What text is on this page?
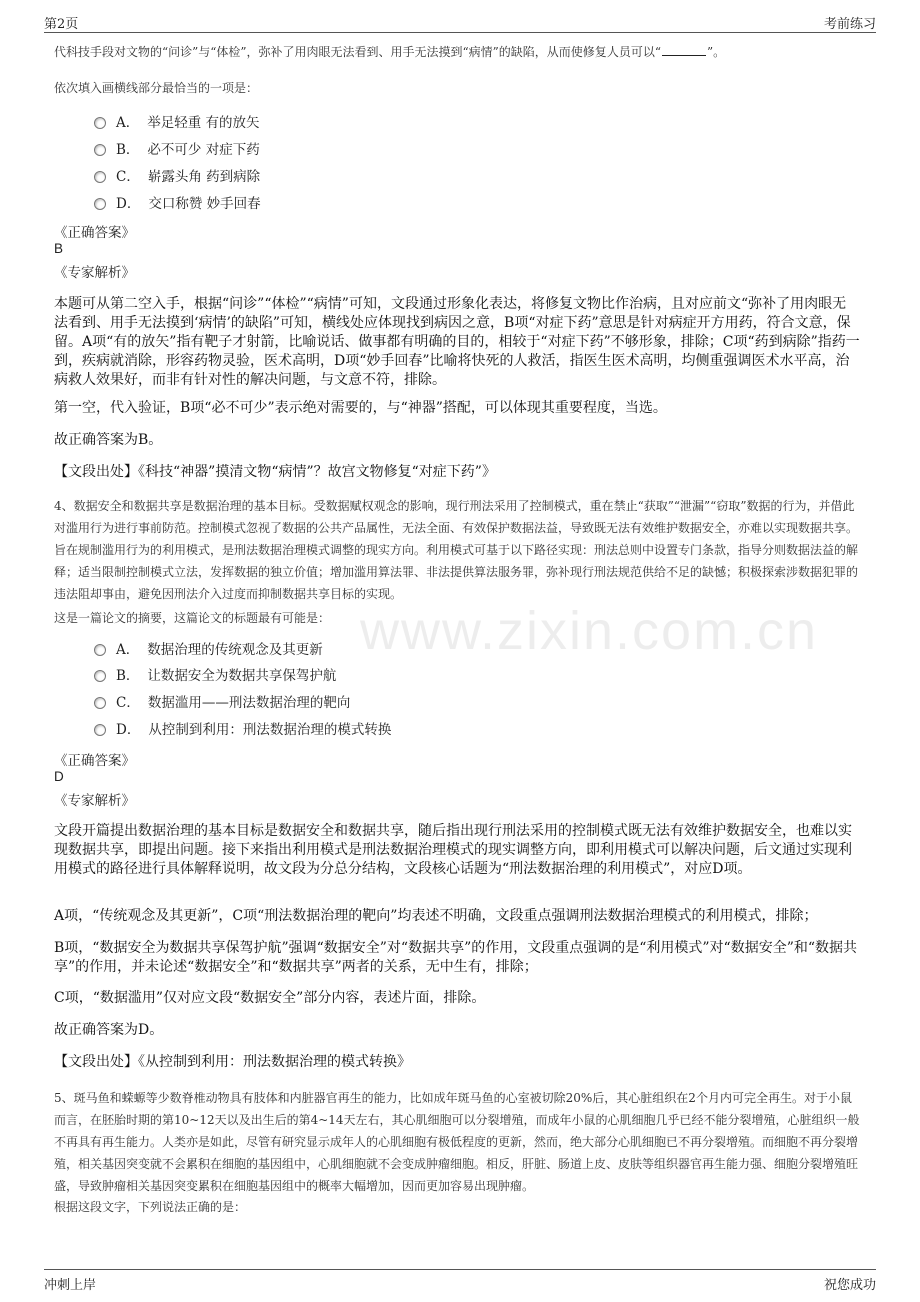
第2页	考前练习
www.zixin.com.cn
代科技手段对文物的“问诊”与“体检”，弥补了用肉眼无法看到、用手无法摸到“病情”的缺陷，从而使修复人员可以“	”。
依次填入画横线部分最恰当的一项是：
A． 举足轻重 有的放矢
B． 必不可少 对症下药
C． 崭露头角 药到病除
D． 交口称赞 妙手回春
《正确答案》
B
《专家解析》
本题可从第二空入手，根据“问诊”“体检”“病情”可知，文段通过形象化表达，将修复文物比作治病，且对应前文“弥补了用肉眼无法看到、用手无法摸到‘病情’的缺陷”可知，横线处应体现找到病因之意，B项“对症下药”意思是针对病症开方用药，符合文意，保留。A项“有的放矢”指有靶子才射箭，比喻说话、做事都有明确的目的，相较于“对症下药”不够形象，排除；C项“药到病除”指药一到，疾病就消除，形容药物灵验，医术高明，D项“妙手回春”比喻将快死的人救活，指医生医术高明，均侧重强调医术水平高，治病救人效果好，而非有针对性的解决问题，与文意不符，排除。
第一空，代入验证，B项“必不可少”表示绝对需要的，与“神器”搭配，可以体现其重要程度，当选。
故正确答案为B。
【文段出处】《科技“神器”摸清文物“病情”？故宫文物修复“对症下药”》
4、数据安全和数据共享是数据治理的基本目标。受数据赋权观念的影响，现行刑法采用了控制模式，重在禁止“获取”“泄漏”“窃取”数据的行为，并借此对滥用行为进行事前防范。控制模式忽视了数据的公共产品属性，无法全面、有效保护数据法益，导致既无法有效维护数据安全，亦难以实现数据共享。旨在规制滥用行为的利用模式，是刑法数据治理模式调整的现实方向。利用模式可基于以下路径实现：刑法总则中设置专门条款，指导分则数据法益的解释；适当限制控制模式立法，发挥数据的独立价值；增加滥用算法罪、非法提供算法服务罪，弥补现行刑法规范供给不足的缺憾；积极探索涉数据犯罪的违法阻却事由，避免因刑法介入过度而抑制数据共享目标的实现。
这是一篇论文的摘要，这篇论文的标题最有可能是：
A． 数据治理的传统观念及其更新
B． 让数据安全为数据共享保驾护航
C． 数据滥用——刑法数据治理的靶向
D． 从控制到利用：刑法数据治理的模式转换
《正确答案》
D
《专家解析》
文段开篇提出数据治理的基本目标是数据安全和数据共享，随后指出现行刑法采用的控制模式既无法有效维护数据安全，也难以实现数据共享，即提出问题。接下来指出利用模式是刑法数据治理模式的现实调整方向，即利用模式可以解决问题，后文通过实现利用模式的路径进行具体解释说明，故文段为分总分结构，文段核心话题为“刑法数据治理的利用模式”，对应D项。
A项，“传统观念及其更新”，C项“刑法数据治理的靶向”均表述不明确，文段重点强调刑法数据治理模式的利用模式，排除；
B项，“数据安全为数据共享保驾护航”强调“数据安全”对“数据共享”的作用，文段重点强调的是“利用模式”对“数据安全”和“数据共享”的作用，并未论述“数据安全”和“数据共享”两者的关系，无中生有，排除；
C项，“数据滥用”仅对应文段“数据安全”部分内容，表述片面，排除。
故正确答案为D。
【文段出处】《从控制到利用：刑法数据治理的模式转换》
5、斑马鱼和蝾螈等少数脊椎动物具有肢体和内脏器官再生的能力，比如成年斑马鱼的心室被切除20%后，其心脏组织在2个月内可完全再生。对于小鼠而言，在胚胎时期的第10~12天以及出生后的第4~14天左右，其心肌细胞可以分裂增殖，而成年小鼠的心肌细胞几乎已经不能分裂增殖，心脏组织一般不再具有再生能力。人类亦是如此，尽管有研究显示成年人的心肌细胞有极低程度的更新，然而，绝大部分心肌细胞已不再分裂增殖。而细胞不再分裂增殖，相关基因突变就不会累积在细胞的基因组中，心肌细胞就不会变成肿瘤细胞。相反，肝脏、肠道上皮、皮肤等组织器官再生能力强、细胞分裂增殖旺盛，导致肿瘤相关基因突变累积在细胞基因组中的概率大幅增加，因而更加容易出现肿瘤。
根据这段文字，下列说法正确的是：
冲刺上岸	祝您成功
